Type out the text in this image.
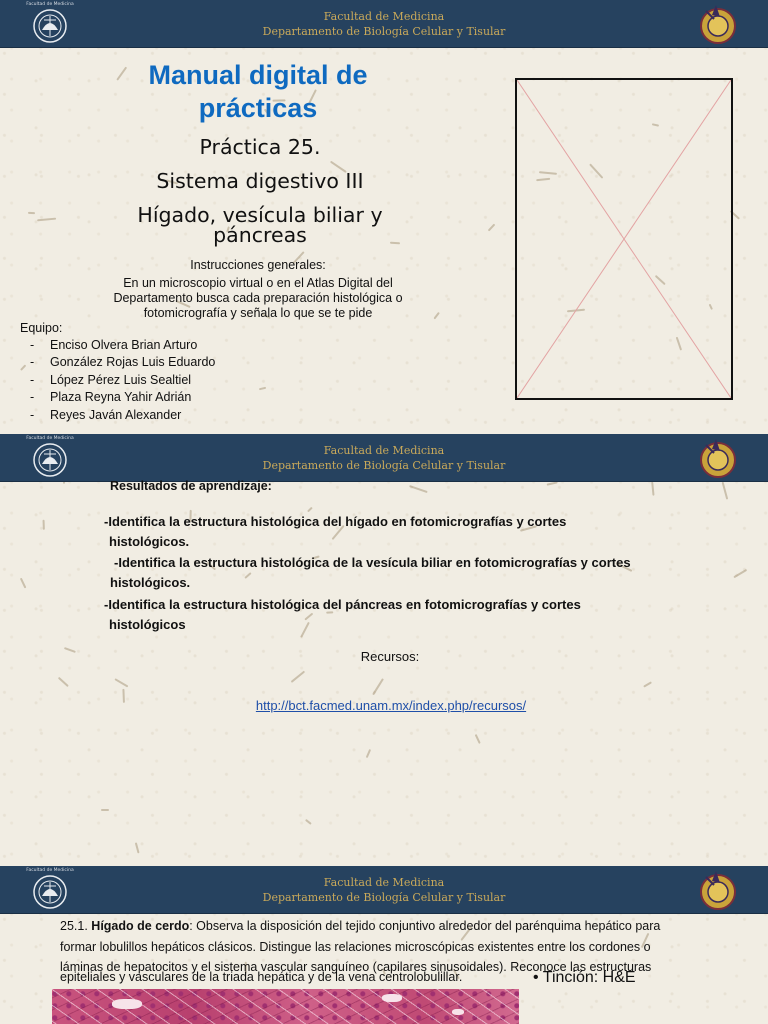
Facultad de Medicina
Facultad de Medicina
Departamento de Biología Celular y Tisular
Facultad de Medicina
Facultad de Medicina
Departamento de Biología Celular y Tisular
Facultad de Medicina
Facultad de Medicina
Departamento de Biología Celular y Tisular
Manual digital de
prácticas
Práctica 25.
Sistema digestivo III
Hígado, vesícula biliar y
páncreas
Instrucciones generales:
En un microscopio virtual o en el Atlas Digital del
Departamento busca cada preparación histológica o
fotomicrografía y señala lo que se te pide
Equipo:
-	Enciso Olvera Brian Arturo
-	González Rojas Luis Eduardo
-	López Pérez Luis Sealtiel
-	Plaza Reyna Yahir Adrián
-	Reyes Javán Alexander
Resultados de aprendizaje:
-Identifica la estructura histológica del hígado en fotomicrografías y cortes
histológicos.
-Identifica la estructura histológica de la vesícula biliar en fotomicrografías y cortes
histológicos.
-Identifica la estructura histológica del páncreas en fotomicrografías y cortes
histológicos
Recursos:
http://bct.facmed.unam.mx/index.php/recursos/
25.1. Hígado de cerdo: Observa la disposición del tejido conjuntivo alrededor del parénquima hepático para
formar lobulillos hepáticos clásicos. Distingue las relaciones microscópicas existentes entre los cordones o
láminas de hepatocitos y el sistema vascular sanguíneo (capilares sinusoidales). Reconoce las estructuras
epiteliales y vasculares de la triada hepática y de la vena centrolobulillar.	• Tinción: H&E
